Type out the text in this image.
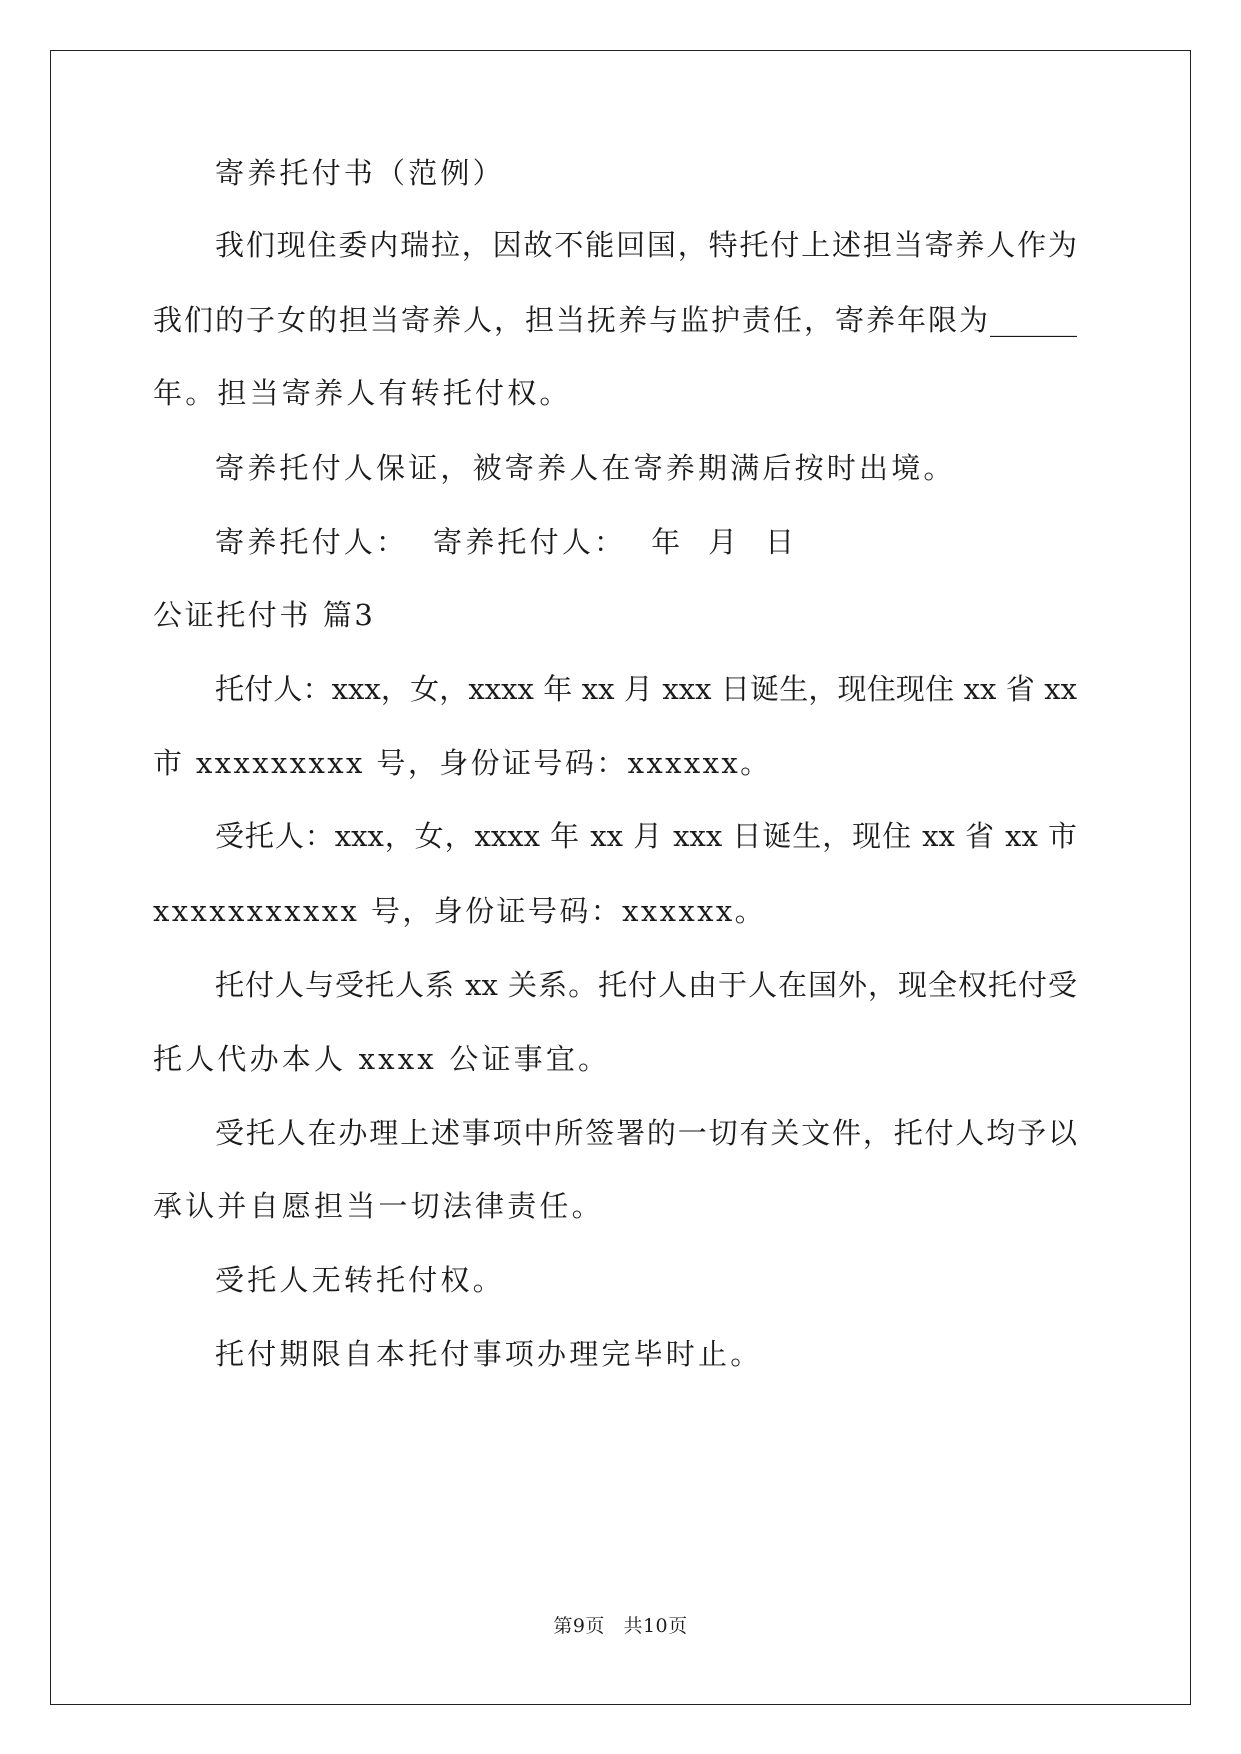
寄养托付书（范例）
我们现住委内瑞拉，因故不能回国，特托付上述担当寄养人作为
我们的子女的担当寄养人，担当抚养与监护责任，寄养年限为______
年。担当寄养人有转托付权。
寄养托付人保证，被寄养人在寄养期满后按时出境。
寄养托付人：  寄养托付人：  年  月  日
公证托付书 篇3
托付人：xxx，女，xxxx 年 xx 月 xxx 日诞生，现住现住 xx 省 xx
市 xxxxxxxxx 号，身份证号码：xxxxxx。
受托人：xxx，女，xxxx 年 xx 月 xxx 日诞生，现住 xx 省 xx 市
xxxxxxxxxxx 号，身份证号码：xxxxxx。
托付人与受托人系 xx 关系。托付人由于人在国外，现全权托付受
托人代办本人 xxxx 公证事宜。
受托人在办理上述事项中所签署的一切有关文件，托付人均予以
承认并自愿担当一切法律责任。
受托人无转托付权。
托付期限自本托付事项办理完毕时止。
第9页 共10页
